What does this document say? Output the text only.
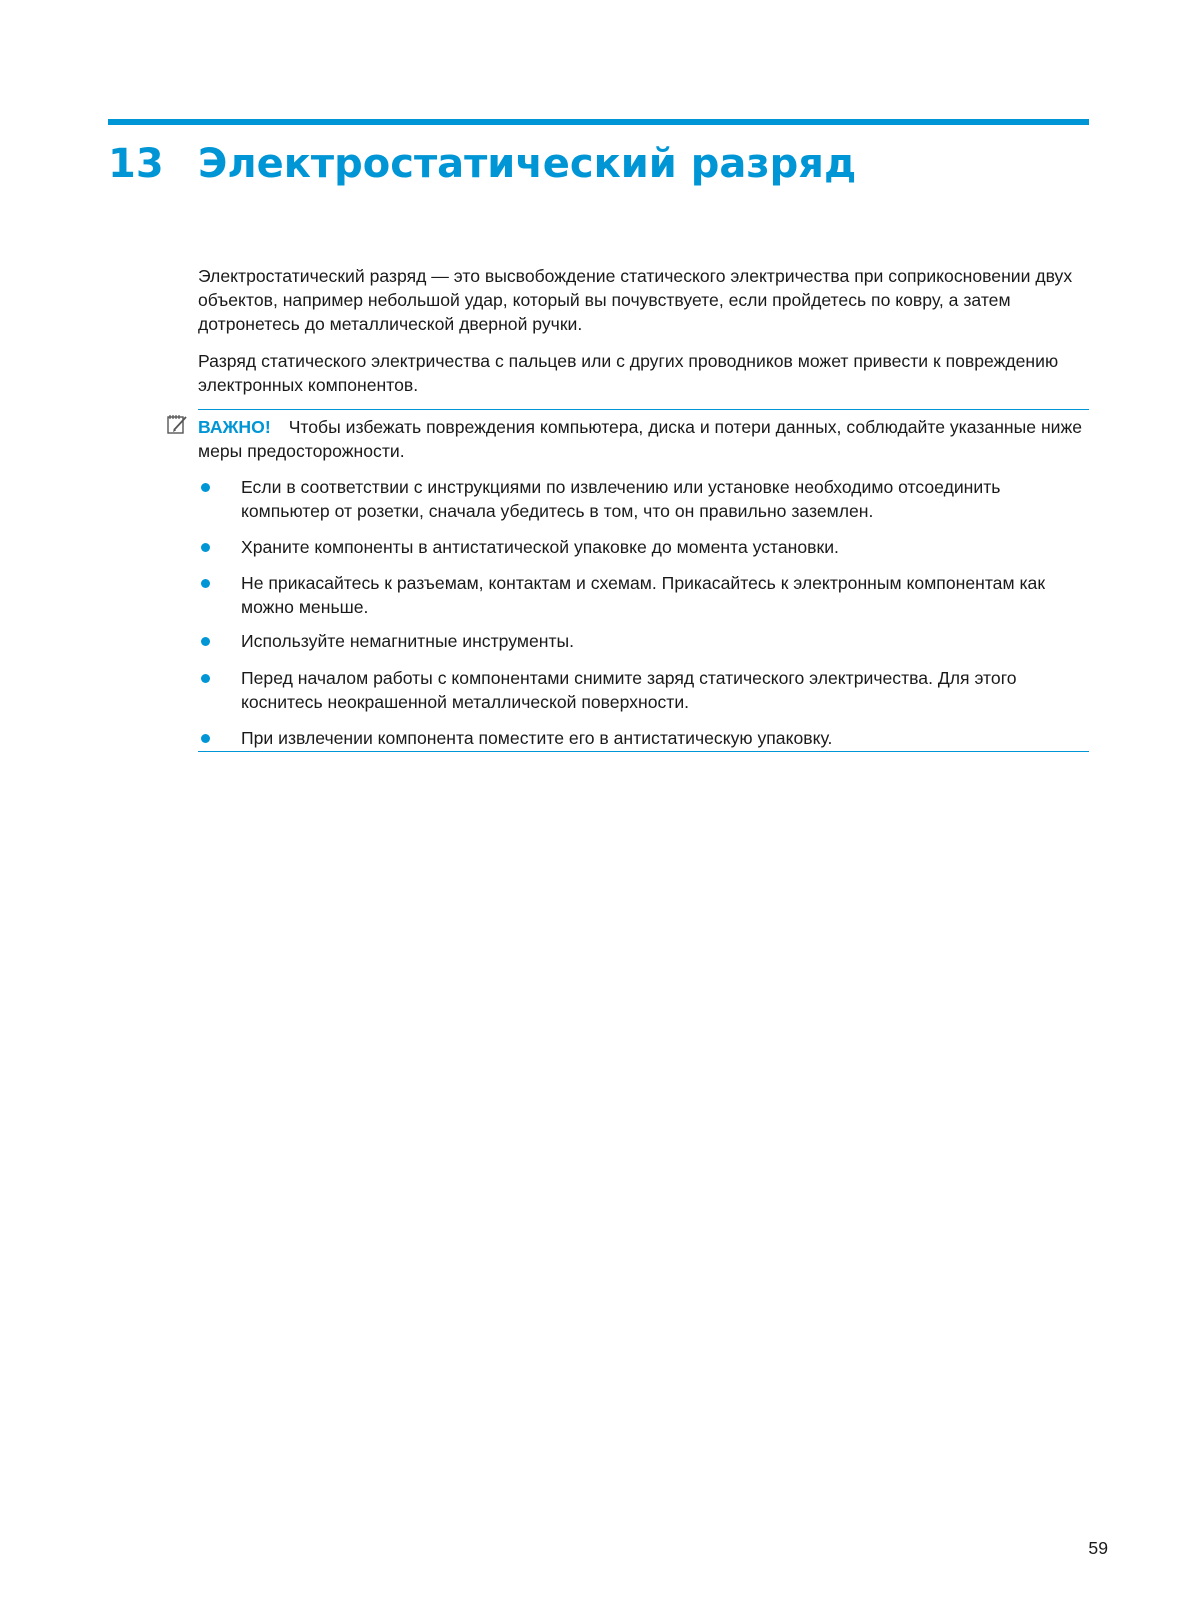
13 Электростатический разряд

Электростатический разряд — это высвобождение статического электричества при соприкосновении двух объектов, например небольшой удар, который вы почувствуете, если пройдетесь по ковру, а затем дотронетесь до металлической дверной ручки.

Разряд статического электричества с пальцев или с других проводников может привести к повреждению электронных компонентов.

ВАЖНО! Чтобы избежать повреждения компьютера, диска и потери данных, соблюдайте указанные ниже меры предосторожности.
Если в соответствии с инструкциями по извлечению или установке необходимо отсоединить компьютер от розетки, сначала убедитесь в том, что он правильно заземлен.
Храните компоненты в антистатической упаковке до момента установки.
Не прикасайтесь к разъемам, контактам и схемам. Прикасайтесь к электронным компонентам как можно меньше.
Используйте немагнитные инструменты.
Перед началом работы с компонентами снимите заряд статического электричества. Для этого коснитесь неокрашенной металлической поверхности.
При извлечении компонента поместите его в антистатическую упаковку.
59
